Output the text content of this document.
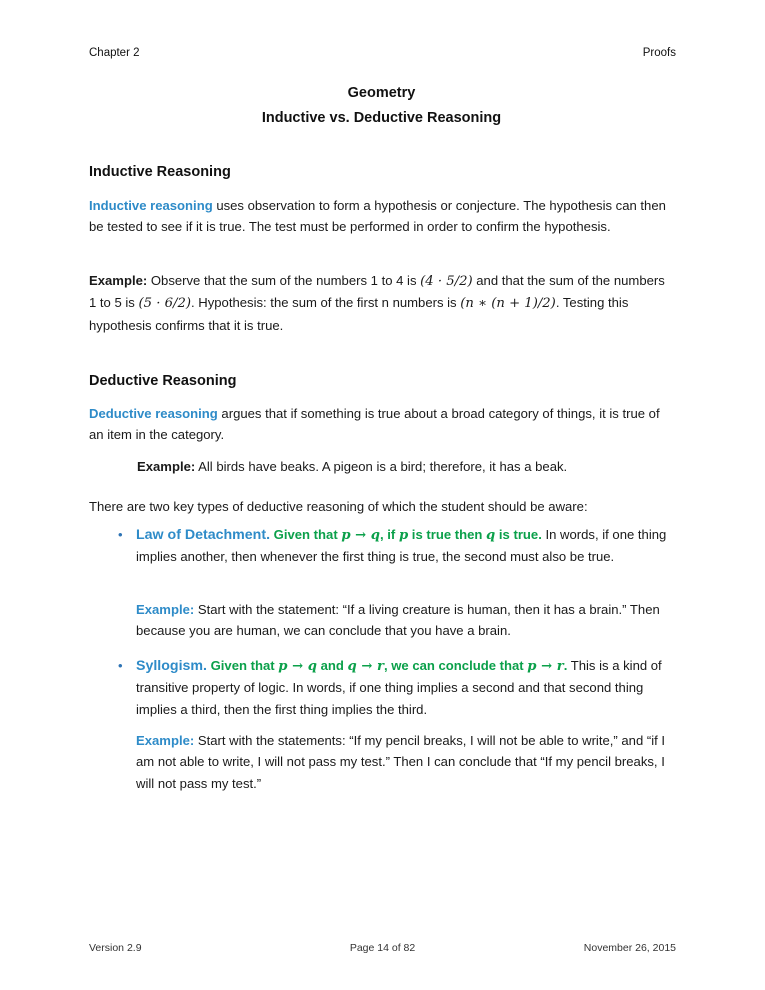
Chapter 2	Proofs
Geometry
Inductive vs. Deductive Reasoning
Inductive Reasoning
Inductive reasoning uses observation to form a hypothesis or conjecture. The hypothesis can then be tested to see if it is true. The test must be performed in order to confirm the hypothesis.
Example: Observe that the sum of the numbers 1 to 4 is (4 · 5/2) and that the sum of the numbers 1 to 5 is (5 · 6/2). Hypothesis: the sum of the first n numbers is (n ∗ (n + 1)/2). Testing this hypothesis confirms that it is true.
Deductive Reasoning
Deductive reasoning argues that if something is true about a broad category of things, it is true of an item in the category.
Example: All birds have beaks. A pigeon is a bird; therefore, it has a beak.
There are two key types of deductive reasoning of which the student should be aware:
• Law of Detachment. Given that p → q, if p is true then q is true. In words, if one thing implies another, then whenever the first thing is true, the second must also be true.
Example: Start with the statement: “If a living creature is human, then it has a brain.” Then because you are human, we can conclude that you have a brain.
• Syllogism. Given that p → q and q → r, we can conclude that p → r. This is a kind of transitive property of logic. In words, if one thing implies a second and that second thing implies a third, then the first thing implies the third.
Example: Start with the statements: “If my pencil breaks, I will not be able to write,” and “if I am not able to write, I will not pass my test.” Then I can conclude that “If my pencil breaks, I will not pass my test.”
Version 2.9	Page 14 of 82	November 26, 2015
